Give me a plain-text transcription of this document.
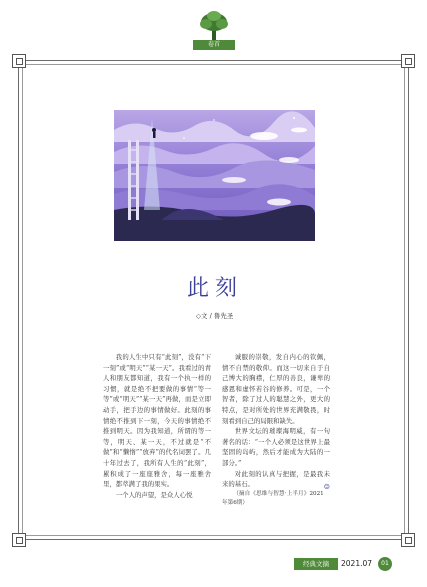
卷首
此刻
◇文 / 鲁先圣

我的人生中只有“此刻”，没有“下一刻”或“明天”“某一天”。我看过的青人和朋友都知道，我有一个执一样的习惯，就是绝不把要做的事情“等一等”或“明天”“某一天”再做，而是立即动手，把手边的事情做好。此刻的事情绝不推到下一刻，今天的事情绝不推到明天。因为我知道，所谓的等一等，明天、某一天，不过就是“不做”和“懒惰”“放弃”的代名词罢了。几十年过去了，我所有人生的“此刻”，累积成了一座座雅舍，每一座雅舍里，都萃满了我的果实。

一个人的声望，是众人心悦

诚服的崇敬，发自内心的钦佩，情不自禁的敬仰。而这一切来自于自己博大的胸襟，仁厚的善良，谦卑的感恩和虚怀若谷的修养。可是，一个智者，除了过人的聪慧之外，更大的特点，是对所处的世界充满敬畏，时刻看到自己的局限和缺失。

世界文坛的璀璨海明威，有一句著名的话：“一个人必须是这世界上最坚固的岛屿，然后才能成为大陆的一部分。”

对此刻的认真与把握，是最我未来的基石。	☺

（摘自《思维与智慧·上半月》2021年第6期）

经典文摘	2021.07	01
